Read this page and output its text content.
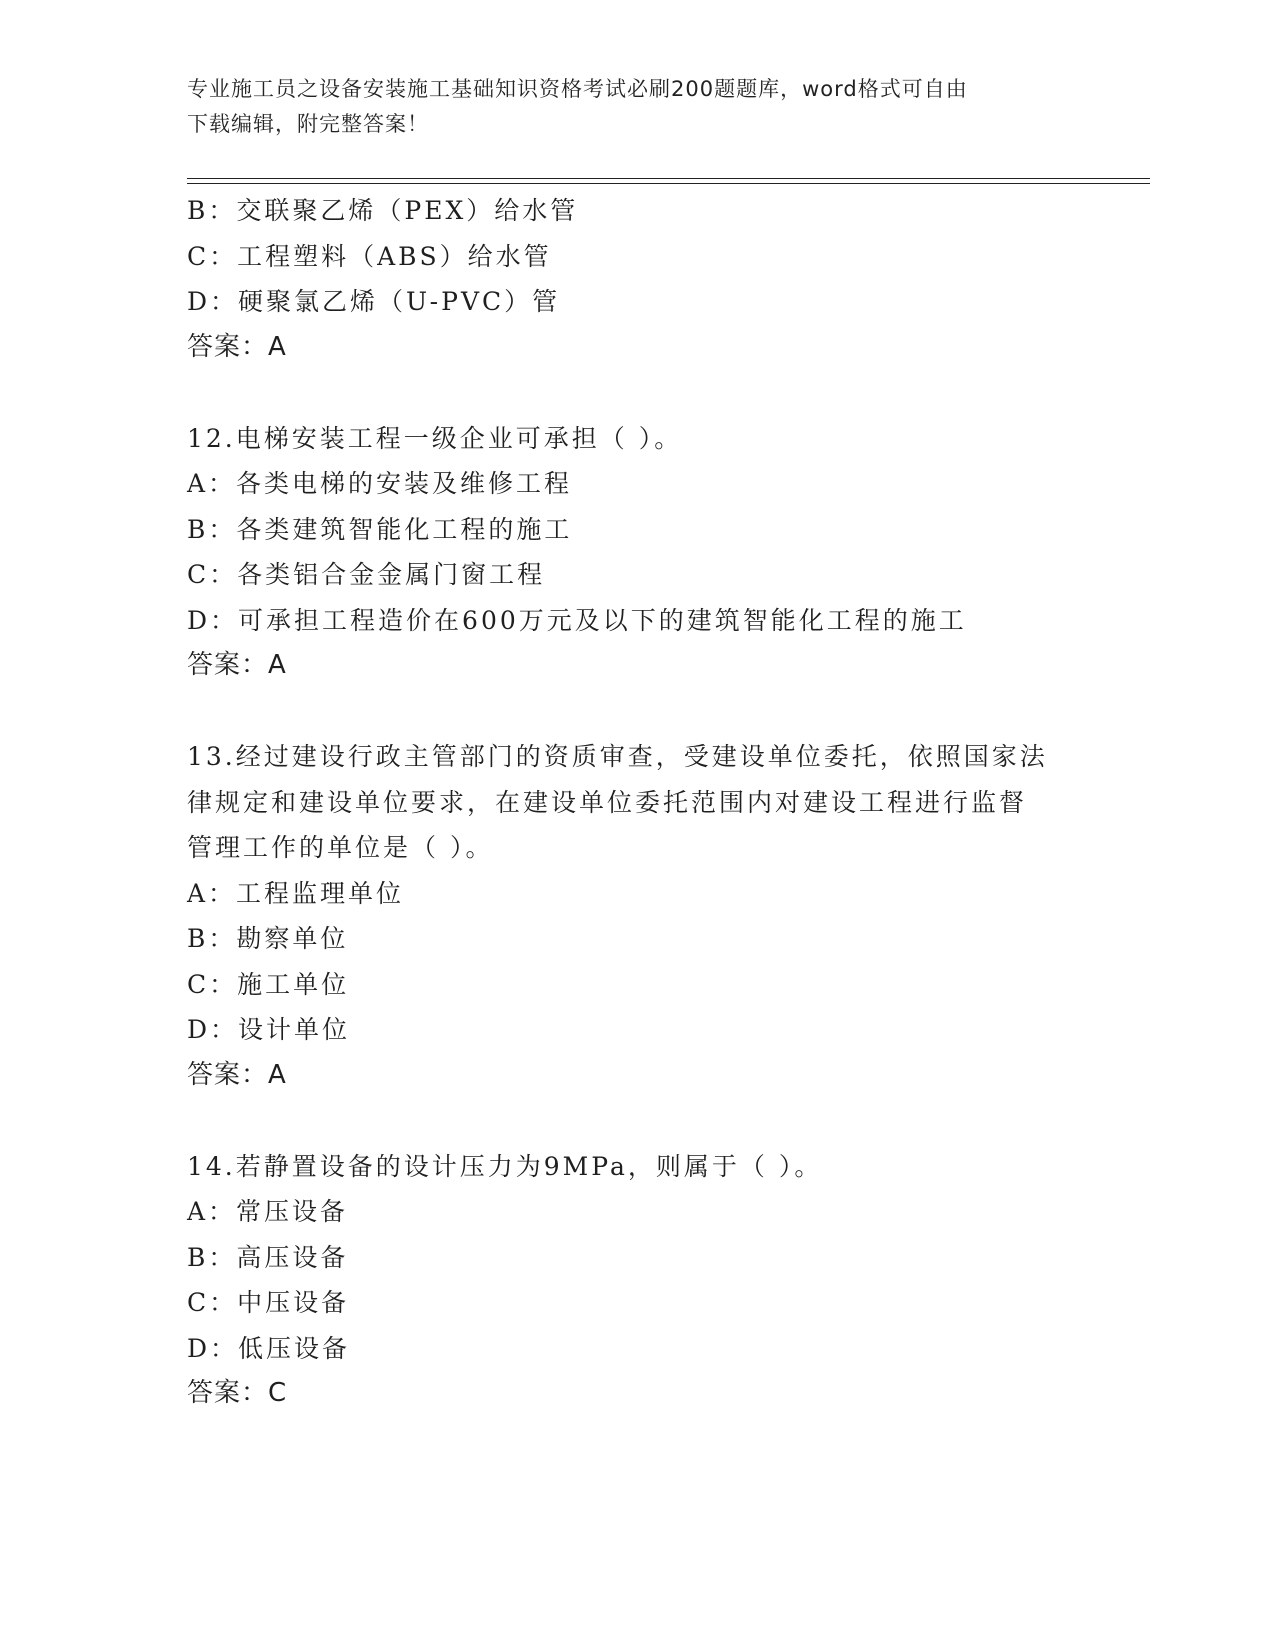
专业施工员之设备安装施工基础知识资格考试必刷200题题库，word格式可自由
下载编辑，附完整答案！
B：交联聚乙烯（PEX）给水管
C：工程塑料（ABS）给水管
D：硬聚氯乙烯（U-PVC）管
答案：A
12.电梯安装工程一级企业可承担（ ）。
A：各类电梯的安装及维修工程
B：各类建筑智能化工程的施工
C：各类铝合金金属门窗工程
D：可承担工程造价在600万元及以下的建筑智能化工程的施工
答案：A
13.经过建设行政主管部门的资质审查，受建设单位委托，依照国家法
律规定和建设单位要求，在建设单位委托范围内对建设工程进行监督
管理工作的单位是（ ）。
A：工程监理单位
B：勘察单位
C：施工单位
D：设计单位
答案：A
14.若静置设备的设计压力为9MPa，则属于（ ）。
A：常压设备
B：高压设备
C：中压设备
D：低压设备
答案：C
